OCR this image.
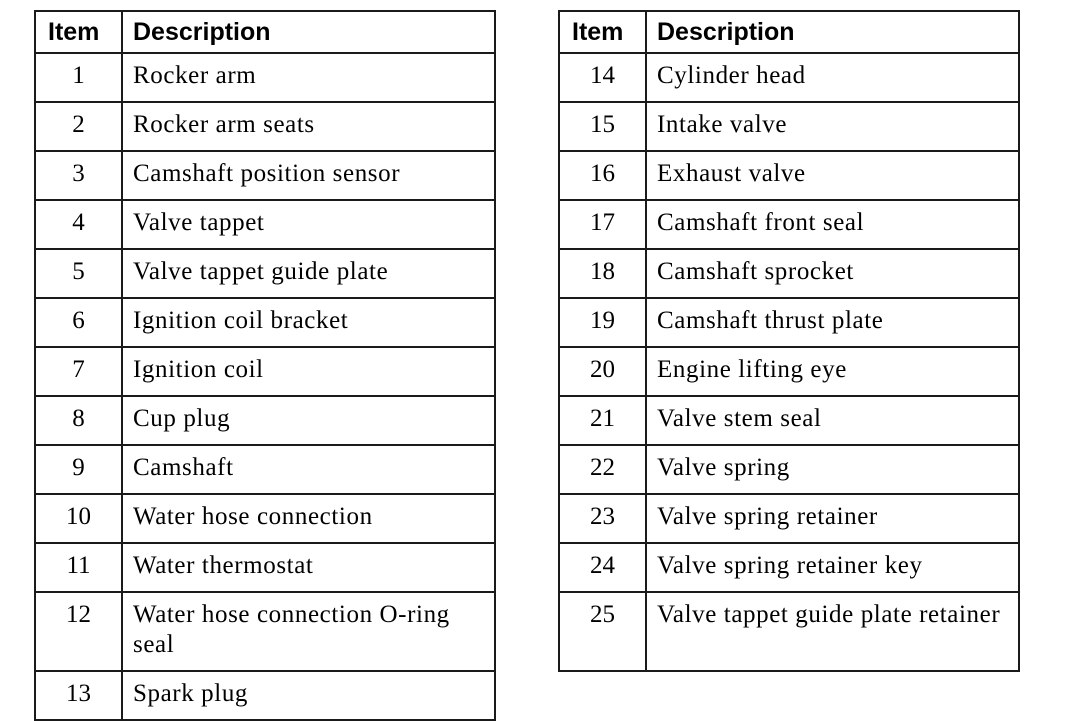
Item	Description
1	Rocker arm
2	Rocker arm seats
3	Camshaft position sensor
4	Valve tappet
5	Valve tappet guide plate
6	Ignition coil bracket
7	Ignition coil
8	Cup plug
9	Camshaft
10	Water hose connection
11	Water thermostat
12	Water hose connection O-ring seal
13	Spark plug
Item	Description
14	Cylinder head
15	Intake valve
16	Exhaust valve
17	Camshaft front seal
18	Camshaft sprocket
19	Camshaft thrust plate
20	Engine lifting eye
21	Valve stem seal
22	Valve spring
23	Valve spring retainer
24	Valve spring retainer key
25	Valve tappet guide plate retainer
